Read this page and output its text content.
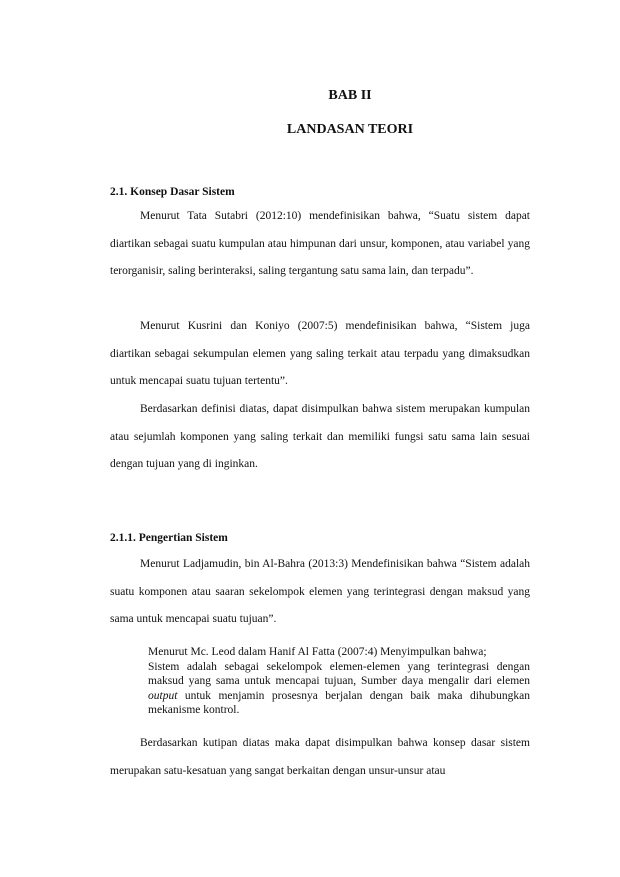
BAB II
LANDASAN TEORI
2.1. Konsep Dasar Sistem

Menurut Tata Sutabri (2012:10) mendefinisikan bahwa, “Suatu sistem dapat diartikan sebagai suatu kumpulan atau himpunan dari unsur, komponen, atau variabel yang terorganisir, saling berinteraksi, saling tergantung satu sama lain, dan terpadu”.

Menurut Kusrini dan Koniyo (2007:5) mendefinisikan bahwa, “Sistem juga diartikan sebagai sekumpulan elemen yang saling terkait atau terpadu yang dimaksudkan untuk mencapai suatu tujuan tertentu”.

Berdasarkan definisi diatas, dapat disimpulkan bahwa sistem merupakan kumpulan atau sejumlah komponen yang saling terkait dan memiliki fungsi satu sama lain sesuai dengan tujuan yang di inginkan.

2.1.1. Pengertian Sistem

Menurut Ladjamudin, bin Al-Bahra (2013:3) Mendefinisikan bahwa “Sistem adalah suatu komponen atau saaran sekelompok elemen yang terintegrasi dengan maksud yang sama untuk mencapai suatu tujuan”.

Menurut Mc. Leod dalam Hanif Al Fatta (2007:4) Menyimpulkan bahwa;
Sistem adalah sebagai sekelompok elemen-elemen yang terintegrasi dengan maksud yang sama untuk mencapai tujuan, Sumber daya mengalir dari elemen output untuk menjamin prosesnya berjalan dengan baik maka dihubungkan mekanisme kontrol.

Berdasarkan kutipan diatas maka dapat disimpulkan bahwa konsep dasar sistem merupakan satu-kesatuan yang sangat berkaitan dengan unsur-unsur atau
